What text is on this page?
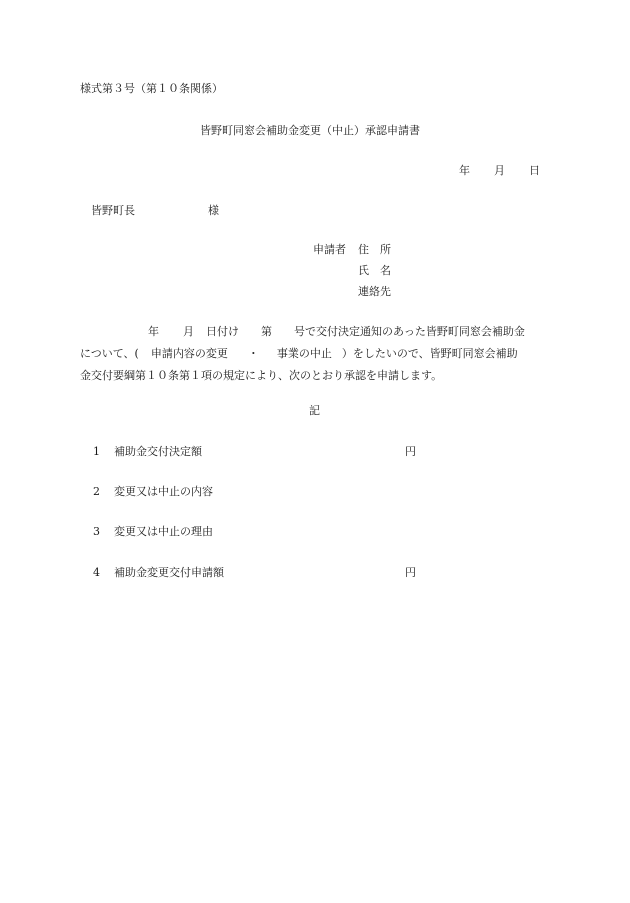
様式第３号（第１０条関係）
皆野町同窓会補助金変更（中止）承認申請書
年 月 日
皆野町長	様
申請者 住　所
氏　名
連絡先
年 月 日付け 第 号で交付決定通知のあった皆野町同窓会補助金
について、( 申請内容の変更 ・ 事業の中止 ）をしたいので、皆野町同窓会補助
金交付要綱第１０条第１項の規定により、次のとおり承認を申請します。
記
1 補助金交付決定額	円
2 変更又は中止の内容
3 変更又は中止の理由
4 補助金変更交付申請額	円
